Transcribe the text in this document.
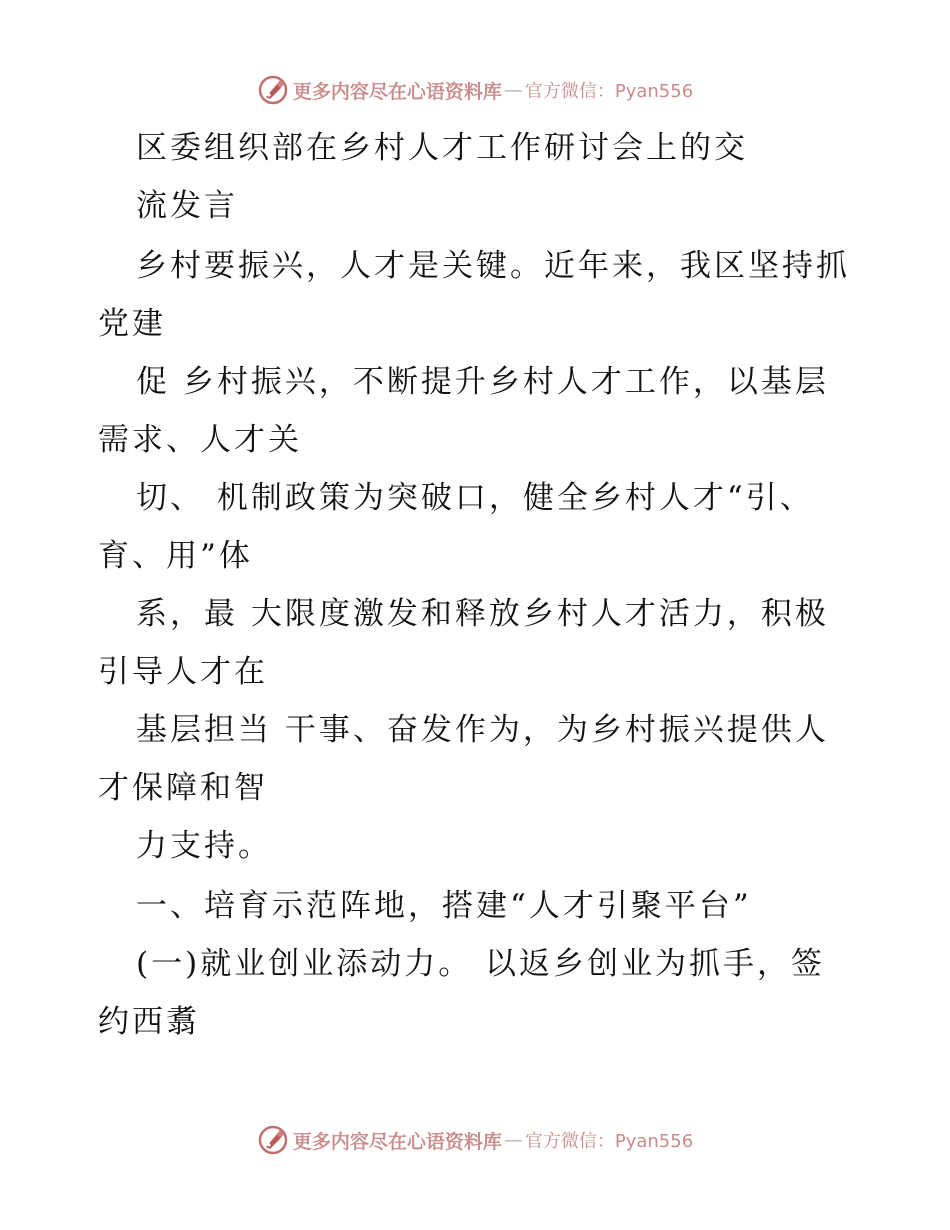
更多内容尽在心语资料库 — 官方微信：Pyan556
区委组织部在乡村人才工作研讨会上的交
流发言
乡村要振兴，人才是关键。近年来，我区坚持抓
党建
促 乡村振兴，不断提升乡村人才工作，以基层
需求、人才关
切、 机制政策为突破口，健全乡村人才“引、
育、用”体
系，最 大限度激发和释放乡村人才活力，积极
引导人才在
基层担当 干事、奋发作为，为乡村振兴提供人
才保障和智
力支持。
一、培育示范阵地，搭建“人才引聚平台”
(一)就业创业添动力。 以返乡创业为抓手，签
约西翥
更多内容尽在心语资料库 — 官方微信：Pyan556
